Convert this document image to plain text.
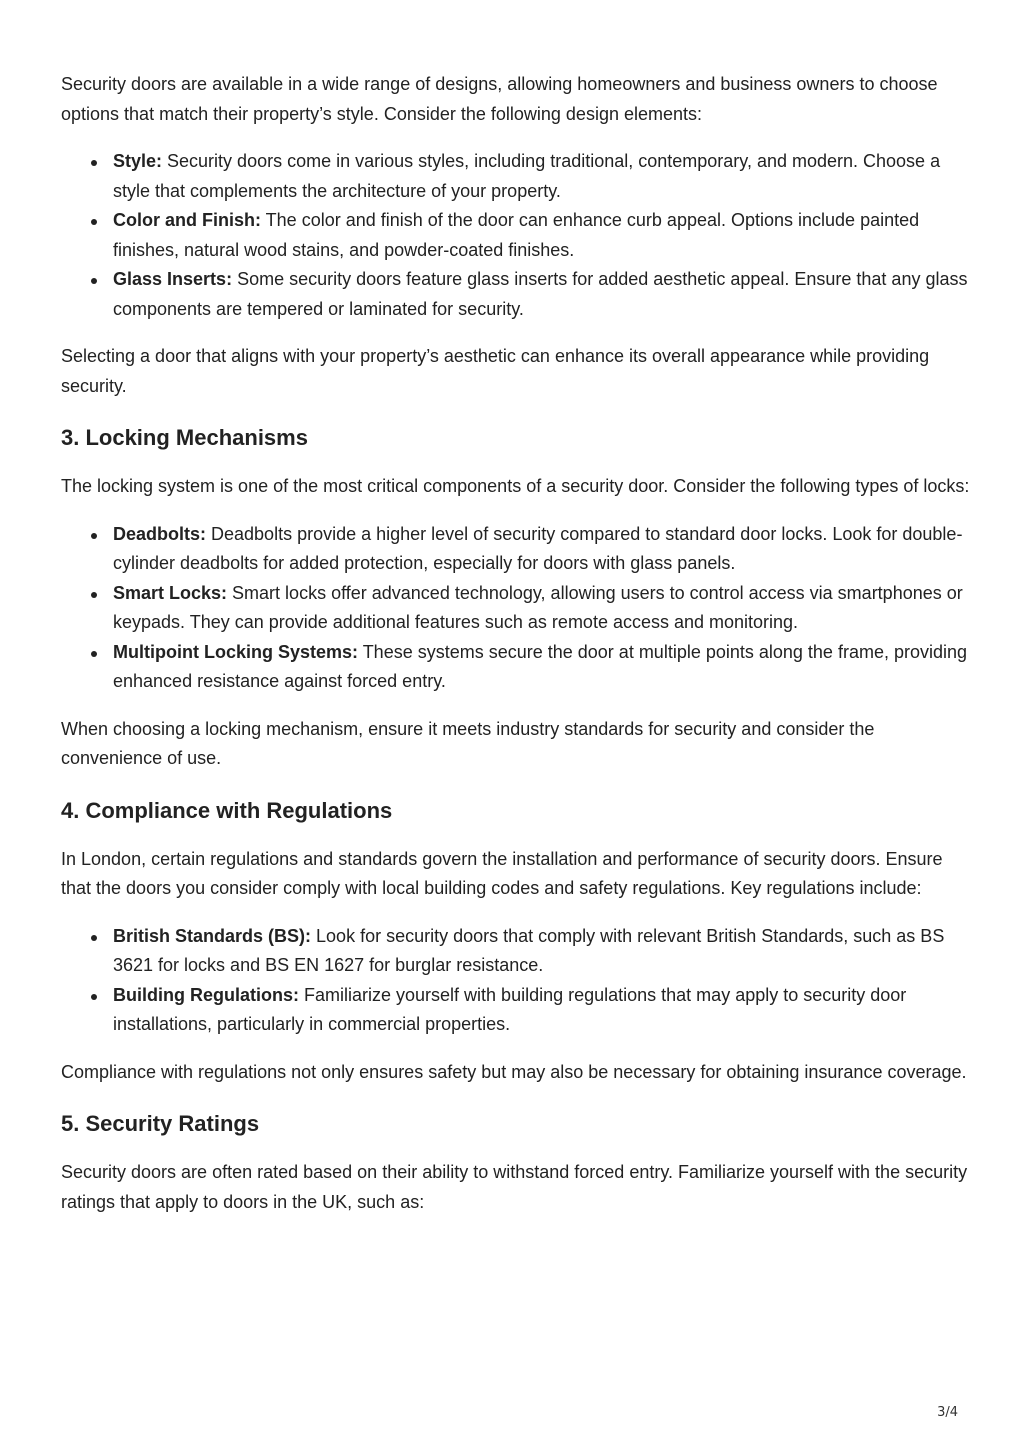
Security doors are available in a wide range of designs, allowing homeowners and business owners to choose options that match their property’s style. Consider the following design elements:

Style: Security doors come in various styles, including traditional, contemporary, and modern. Choose a style that complements the architecture of your property.
Color and Finish: The color and finish of the door can enhance curb appeal. Options include painted finishes, natural wood stains, and powder-coated finishes.
Glass Inserts: Some security doors feature glass inserts for added aesthetic appeal. Ensure that any glass components are tempered or laminated for security.

Selecting a door that aligns with your property’s aesthetic can enhance its overall appearance while providing security.

3. Locking Mechanisms

The locking system is one of the most critical components of a security door. Consider the following types of locks:

Deadbolts: Deadbolts provide a higher level of security compared to standard door locks. Look for double-cylinder deadbolts for added protection, especially for doors with glass panels.
Smart Locks: Smart locks offer advanced technology, allowing users to control access via smartphones or keypads. They can provide additional features such as remote access and monitoring.
Multipoint Locking Systems: These systems secure the door at multiple points along the frame, providing enhanced resistance against forced entry.

When choosing a locking mechanism, ensure it meets industry standards for security and consider the convenience of use.

4. Compliance with Regulations

In London, certain regulations and standards govern the installation and performance of security doors. Ensure that the doors you consider comply with local building codes and safety regulations. Key regulations include:

British Standards (BS): Look for security doors that comply with relevant British Standards, such as BS 3621 for locks and BS EN 1627 for burglar resistance.
Building Regulations: Familiarize yourself with building regulations that may apply to security door installations, particularly in commercial properties.

Compliance with regulations not only ensures safety but may also be necessary for obtaining insurance coverage.

5. Security Ratings

Security doors are often rated based on their ability to withstand forced entry. Familiarize yourself with the security ratings that apply to doors in the UK, such as:

3/4
